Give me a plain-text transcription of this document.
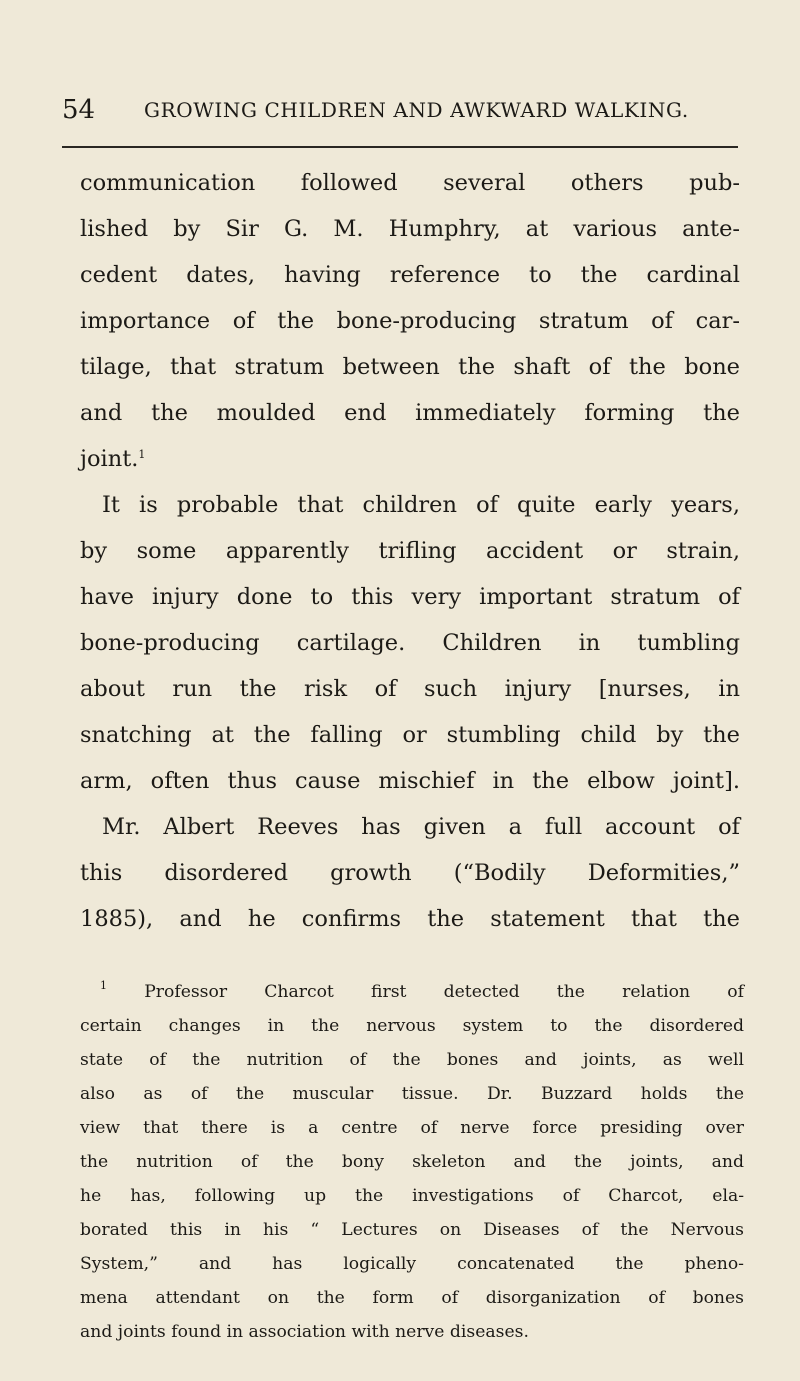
54 GROWING CHILDREN AND AWKWARD WALKING.
communication followed several others pub-
lished by Sir G. M. Humphry, at various ante-
cedent dates, having reference to the cardinal
importance of the bone-producing stratum of car-
tilage, that stratum between the shaft of the bone
and the moulded end immediately forming the
joint.$^1$
It is probable that children of quite early years,
by some apparently trifling accident or strain,
have injury done to this very important stratum of
bone-producing cartilage. Children in tumbling
about run the risk of such injury [nurses, in
snatching at the falling or stumbling child by the
arm, often thus cause mischief in the elbow joint].
Mr. Albert Reeves has given a full account of
this disordered growth (“Bodily Deformities,”
1885), and he confirms the statement that the
$^1$ Professor Charcot first detected the relation of
certain changes in the nervous system to the disordered
state of the nutrition of the bones and joints, as well
also as of the muscular tissue. Dr. Buzzard holds the
view that there is a centre of nerve force presiding over
the nutrition of the bony skeleton and the joints, and
he has, following up the investigations of Charcot, ela-
borated this in his “ Lectures on Diseases of the Nervous
System,” and has logically concatenated the pheno-
mena attendant on the form of disorganization of bones
and joints found in association with nerve diseases.
